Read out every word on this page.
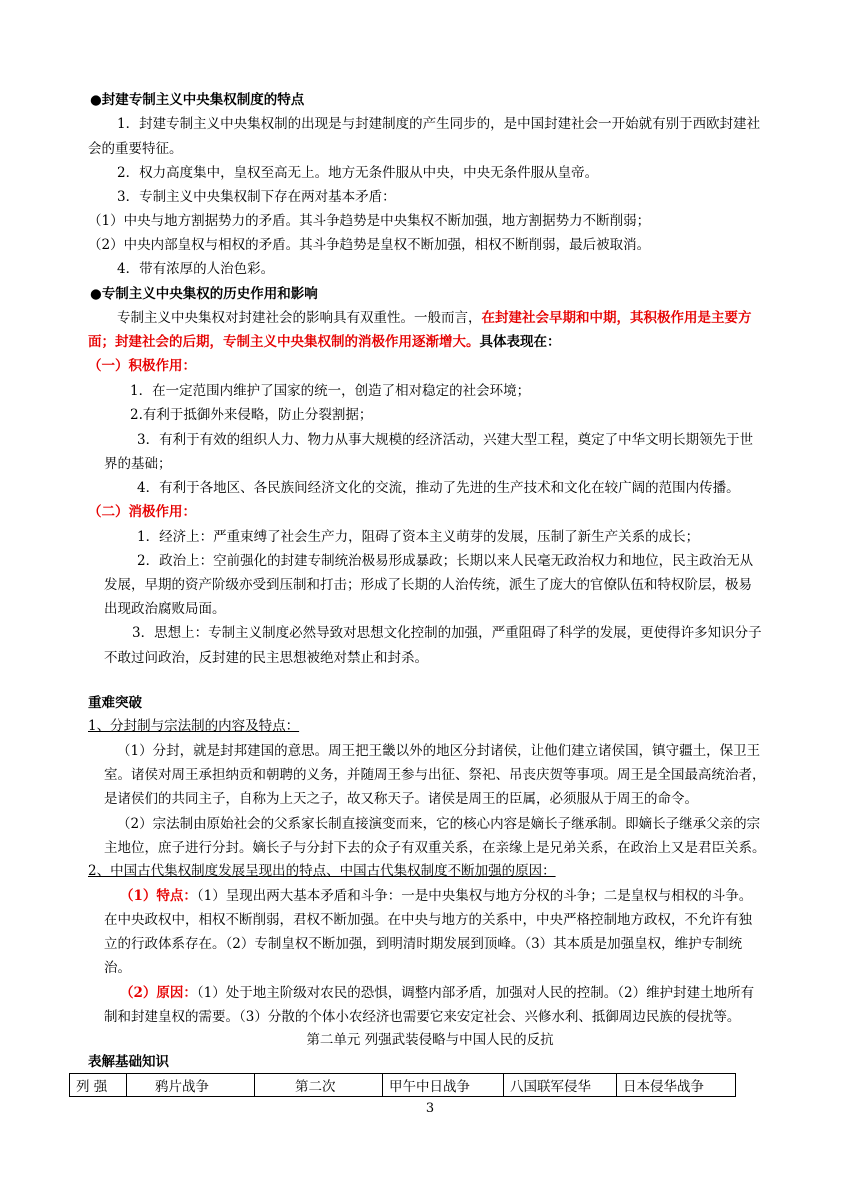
●封建专制主义中央集权制度的特点
1．封建专制主义中央集权制的出现是与封建制度的产生同步的，是中国封建社会一开始就有别于西欧封建社
会的重要特征。
2．权力高度集中，皇权至高无上。地方无条件服从中央，中央无条件服从皇帝。
3．专制主义中央集权制下存在两对基本矛盾：
（1）中央与地方割据势力的矛盾。其斗争趋势是中央集权不断加强，地方割据势力不断削弱；
（2）中央内部皇权与相权的矛盾。其斗争趋势是皇权不断加强，相权不断削弱，最后被取消。
4．带有浓厚的人治色彩。
●专制主义中央集权的历史作用和影响
专制主义中央集权对封建社会的影响具有双重性。一般而言，在封建社会早期和中期，其积极作用是主要方
面；封建社会的后期，专制主义中央集权制的消极作用逐渐增大。具体表现在：
（一）积极作用：
1．在一定范围内维护了国家的统一，创造了相对稳定的社会环境；
2.有利于抵御外来侵略，防止分裂割据；
3．有利于有效的组织人力、物力从事大规模的经济活动，兴建大型工程，奠定了中华文明长期领先于世
界的基础；
4．有利于各地区、各民族间经济文化的交流，推动了先进的生产技术和文化在较广阔的范围内传播。
（二）消极作用：
1．经济上：严重束缚了社会生产力，阻碍了资本主义萌芽的发展，压制了新生产关系的成长；
2．政治上：空前强化的封建专制统治极易形成暴政；长期以来人民毫无政治权力和地位，民主政治无从
发展，早期的资产阶级亦受到压制和打击；形成了长期的人治传统，派生了庞大的官僚队伍和特权阶层，极易
出现政治腐败局面。
3．思想上：专制主义制度必然导致对思想文化控制的加强，严重阻碍了科学的发展，更使得许多知识分子
不敢过问政治，反封建的民主思想被绝对禁止和封杀。
重难突破
1、分封制与宗法制的内容及特点：
（1）分封，就是封邦建国的意思。周王把王畿以外的地区分封诸侯，让他们建立诸侯国，镇守疆土，保卫王
室。诸侯对周王承担纳贡和朝聘的义务，并随周王参与出征、祭祀、吊丧庆贺等事项。周王是全国最高统治者，
是诸侯们的共同主子，自称为上天之子，故又称天子。诸侯是周王的臣属，必须服从于周王的命令。
（2）宗法制由原始社会的父系家长制直接演变而来，它的核心内容是嫡长子继承制。即嫡长子继承父亲的宗
主地位，庶子进行分封。嫡长子与分封下去的众子有双重关系，在亲缘上是兄弟关系，在政治上又是君臣关系。
2、中国古代集权制度发展呈现出的特点、中国古代集权制度不断加强的原因：
（1）特点：（1）呈现出两大基本矛盾和斗争：一是中央集权与地方分权的斗争；二是皇权与相权的斗争。
在中央政权中，相权不断削弱，君权不断加强。在中央与地方的关系中，中央严格控制地方政权，不允许有独
立的行政体系存在。（2）专制皇权不断加强，到明清时期发展到顶峰。（3）其本质是加强皇权，维护专制统
治。
（2）原因：（1）处于地主阶级对农民的恐惧，调整内部矛盾，加强对人民的控制。（2）维护封建土地所有
制和封建皇权的需要。（3）分散的个体小农经济也需要它来安定社会、兴修水利、抵御周边民族的侵扰等。
第二单元 列强武装侵略与中国人民的反抗
表解基础知识
列 强	鸦片战争	第二次	甲午中日战争	八国联军侵华	日本侵华战争
3
